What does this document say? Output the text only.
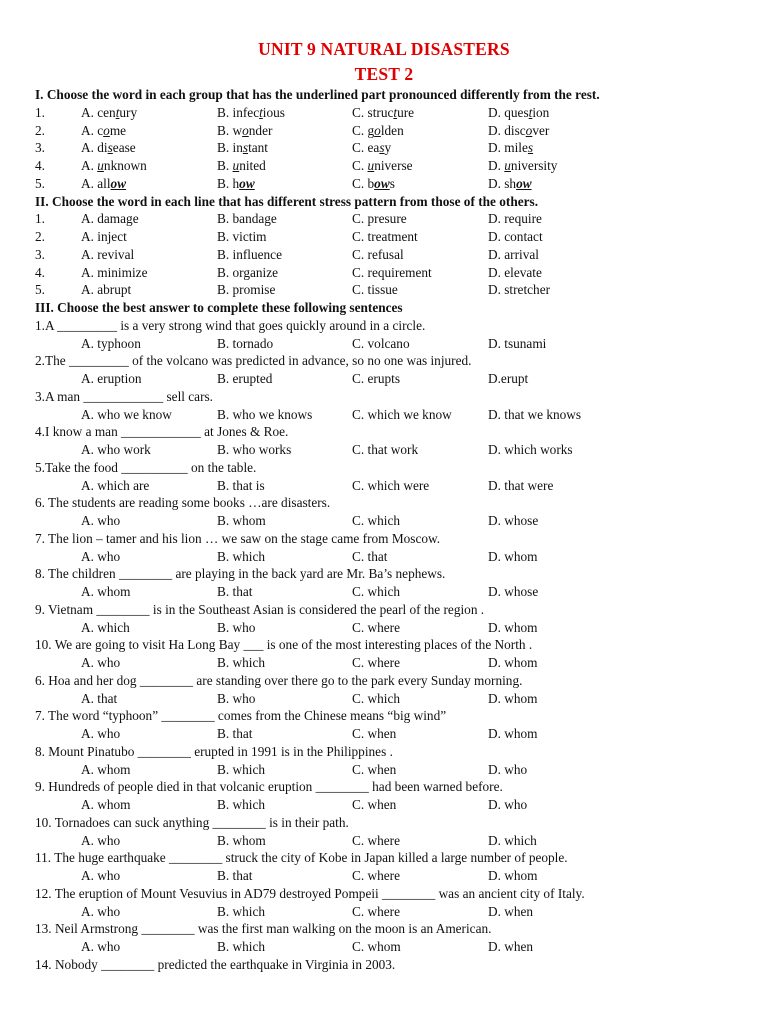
UNIT 9 NATURAL DISASTERS
TEST 2
I. Choose the word in each group that has the underlined part pronounced differently from the rest.
1.	A. century	B. infectious	C. structure	D. question
2.	A. come	B. wonder	C. golden	D. discover
3.	A. disease	B. instant	C. easy	D. miles
4.	A. unknown	B. united	C. universe	D. university
5.	A. allow	B. how	C. bows	D. show
II. Choose the word in each line that has different stress pattern from those of the others.
1.	A. damage	B. bandage	C. presure	D. require
2.	A. inject	B. victim	C. treatment	D. contact
3.	A. revival	B. influence	C. refusal	D. arrival
4.	A. minimize	B. organize	C. requirement	D. elevate
5.	A. abrupt	B. promise	C. tissue	D. stretcher
III. Choose the best answer to complete these following sentences
1.A _________ is a very strong wind that goes quickly around in a circle.
A. typhoon	B. tornado	C. volcano	D. tsunami
2.The _________ of the volcano was predicted in advance, so no one was injured.
A. eruption	B. erupted	C. erupts	D.erupt
3.A man ____________ sell cars.
A. who we know	B. who we knows	C. which we know	D. that we knows
4.I know a man ____________ at Jones & Roe.
A. who work	B. who works	C. that work	D. which works
5.Take the food __________ on the table.
A. which are	B. that is	C. which were	D. that were
6. The students are reading some books …are disasters.
A. who	B. whom	C. which	D. whose
7. The lion – tamer and his lion … we saw on the stage came from Moscow.
A. who	B. which	C. that	D. whom
8. The children ________ are playing in the back yard are Mr. Ba’s nephews.
A. whom	B. that	C. which	D. whose
9. Vietnam ________ is in the Southeast Asian is considered the pearl of the region .
A. which	B. who	C. where	D. whom
10. We are going to visit Ha Long Bay ___ is one of the most interesting places of the North .
A. who	B. which	C. where	D. whom
6. Hoa and her dog ________ are standing over there go to the park every Sunday morning.
A. that	B. who	C. which	D. whom
7. The word “typhoon” ________ comes from the Chinese means “big wind”
A. who	B. that	C. when	D. whom
8. Mount Pinatubo ________ erupted in 1991 is in the Philippines .
A. whom	B. which	C. when	D. who
9. Hundreds of people died in that volcanic eruption ________ had been warned before.
A. whom	B. which	C. when	D. who
10. Tornadoes can suck anything ________ is in their path.
A. who	B. whom	C. where	D. which
11. The huge earthquake ________ struck the city of Kobe in Japan killed a large number of people.
A. who	B. that	C. where	D. whom
12. The eruption of Mount Vesuvius in AD79 destroyed Pompeii ________ was an ancient city of Italy.
A. who	B. which	C. where	D. when
13. Neil Armstrong ________ was the first man walking on the moon is an American.
A. who	B. which	C. whom	D. when
14. Nobody ________ predicted the earthquake in Virginia in 2003.
